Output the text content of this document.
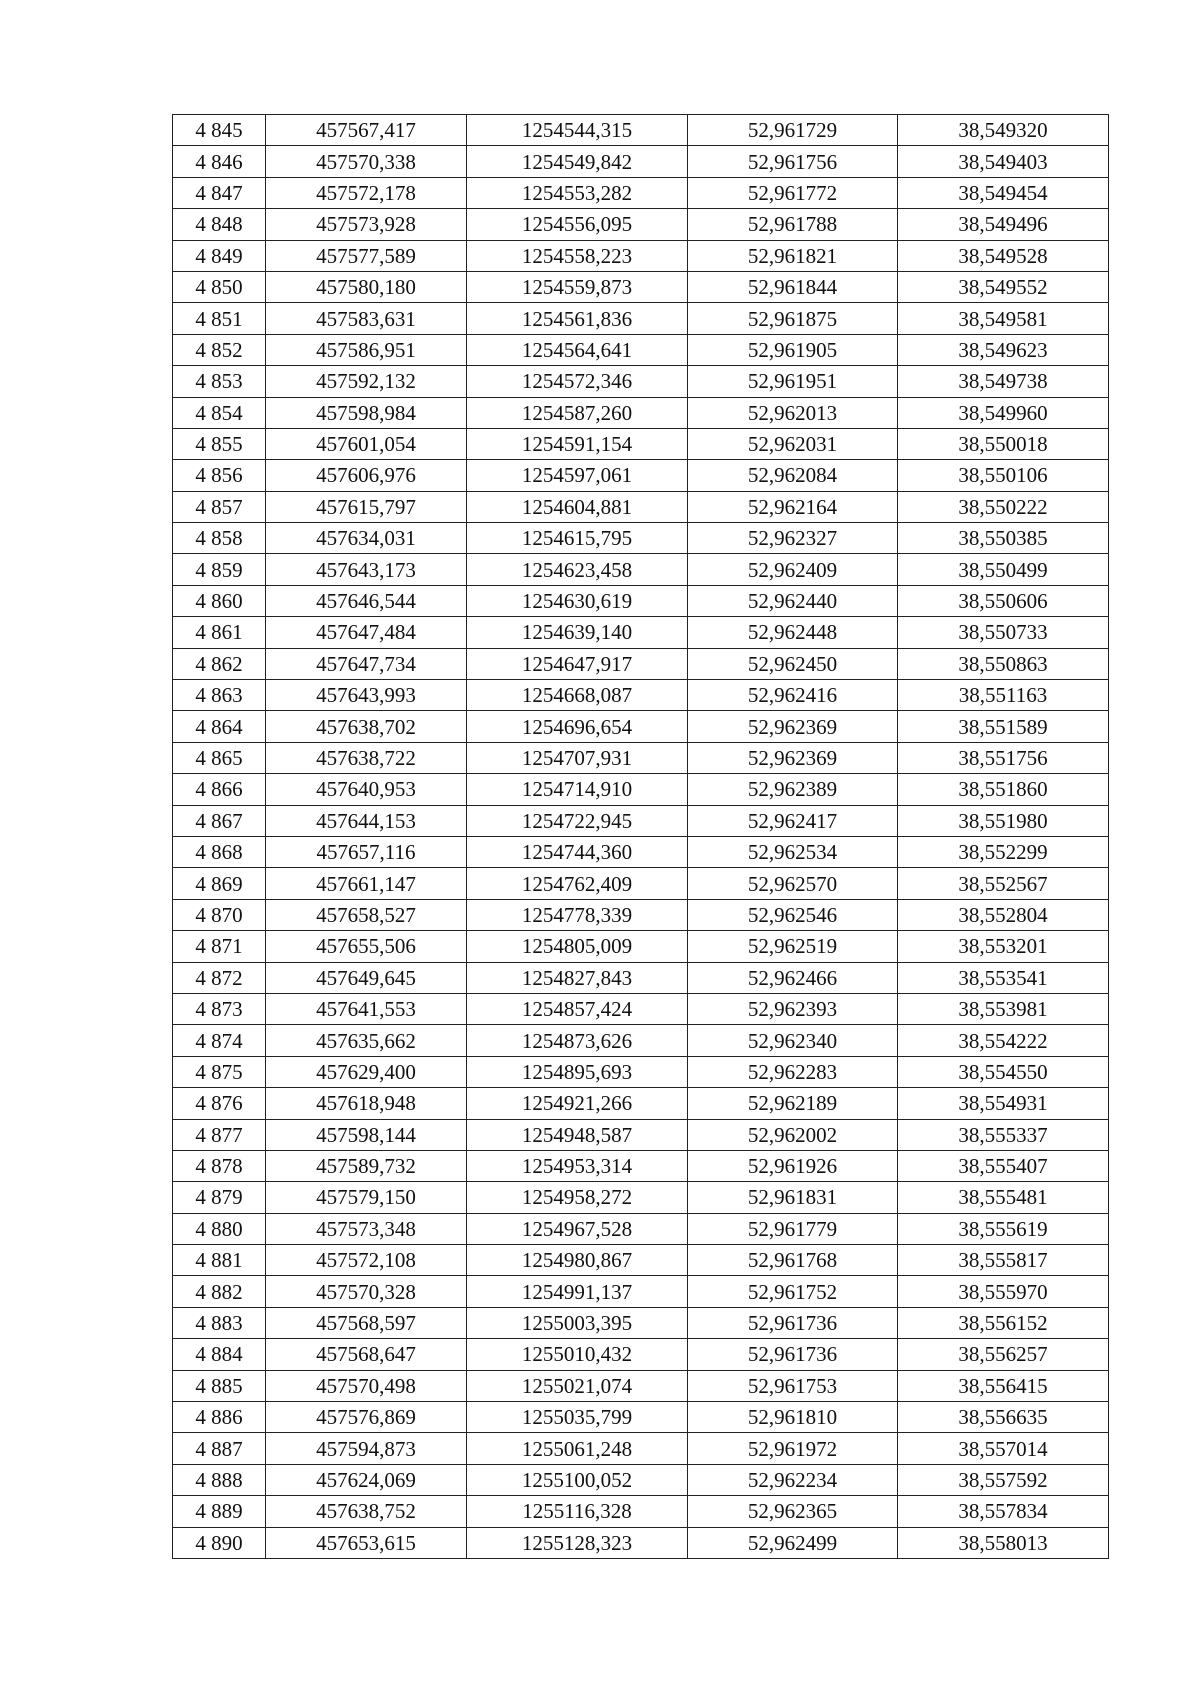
4 845	457567,417	1254544,315	52,961729	38,549320
4 846	457570,338	1254549,842	52,961756	38,549403
4 847	457572,178	1254553,282	52,961772	38,549454
4 848	457573,928	1254556,095	52,961788	38,549496
4 849	457577,589	1254558,223	52,961821	38,549528
4 850	457580,180	1254559,873	52,961844	38,549552
4 851	457583,631	1254561,836	52,961875	38,549581
4 852	457586,951	1254564,641	52,961905	38,549623
4 853	457592,132	1254572,346	52,961951	38,549738
4 854	457598,984	1254587,260	52,962013	38,549960
4 855	457601,054	1254591,154	52,962031	38,550018
4 856	457606,976	1254597,061	52,962084	38,550106
4 857	457615,797	1254604,881	52,962164	38,550222
4 858	457634,031	1254615,795	52,962327	38,550385
4 859	457643,173	1254623,458	52,962409	38,550499
4 860	457646,544	1254630,619	52,962440	38,550606
4 861	457647,484	1254639,140	52,962448	38,550733
4 862	457647,734	1254647,917	52,962450	38,550863
4 863	457643,993	1254668,087	52,962416	38,551163
4 864	457638,702	1254696,654	52,962369	38,551589
4 865	457638,722	1254707,931	52,962369	38,551756
4 866	457640,953	1254714,910	52,962389	38,551860
4 867	457644,153	1254722,945	52,962417	38,551980
4 868	457657,116	1254744,360	52,962534	38,552299
4 869	457661,147	1254762,409	52,962570	38,552567
4 870	457658,527	1254778,339	52,962546	38,552804
4 871	457655,506	1254805,009	52,962519	38,553201
4 872	457649,645	1254827,843	52,962466	38,553541
4 873	457641,553	1254857,424	52,962393	38,553981
4 874	457635,662	1254873,626	52,962340	38,554222
4 875	457629,400	1254895,693	52,962283	38,554550
4 876	457618,948	1254921,266	52,962189	38,554931
4 877	457598,144	1254948,587	52,962002	38,555337
4 878	457589,732	1254953,314	52,961926	38,555407
4 879	457579,150	1254958,272	52,961831	38,555481
4 880	457573,348	1254967,528	52,961779	38,555619
4 881	457572,108	1254980,867	52,961768	38,555817
4 882	457570,328	1254991,137	52,961752	38,555970
4 883	457568,597	1255003,395	52,961736	38,556152
4 884	457568,647	1255010,432	52,961736	38,556257
4 885	457570,498	1255021,074	52,961753	38,556415
4 886	457576,869	1255035,799	52,961810	38,556635
4 887	457594,873	1255061,248	52,961972	38,557014
4 888	457624,069	1255100,052	52,962234	38,557592
4 889	457638,752	1255116,328	52,962365	38,557834
4 890	457653,615	1255128,323	52,962499	38,558013
